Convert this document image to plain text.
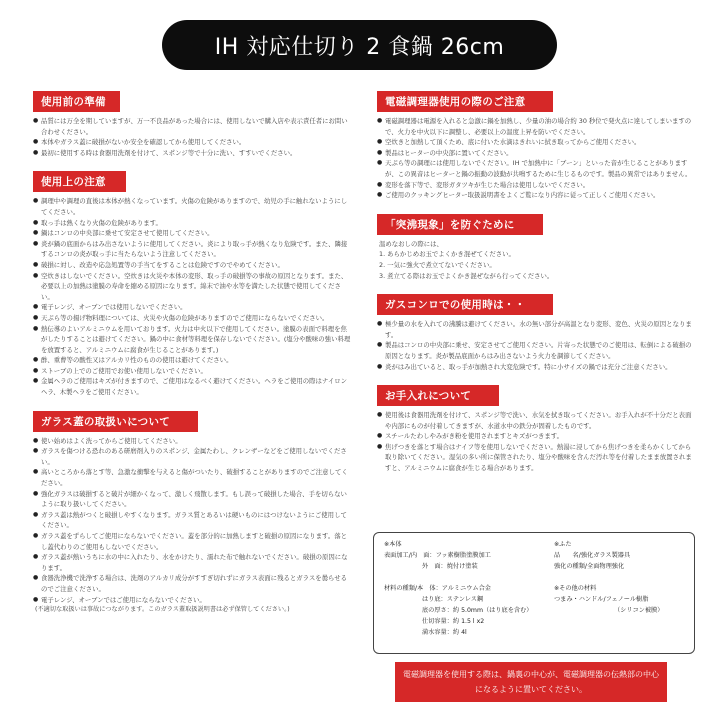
IH 対応仕切り 2 食鍋 26cm
使用前の準備
● 品質には万全を期していますが、万一不良品があった場合には、使用しないで購入店や表示責任者にお問い合わせください。
● 本体やガラス蓋に破損がないか安全を確認してから使用してください。
● 最初に使用する時は食器用洗剤を付けて、スポンジ等で十分に洗い、すすいでください。
使用上の注意
● 調理中や調理の直後は本体が熱くなっています。火傷の危険がありますので、幼児の手に触れないようにしてください。
● 取っ手は熱くなり火傷の危険があります。
● 鍋はコンロの中央部に乗せて安定させて使用してください。
● 炎が鍋の底面からはみ出さないように使用してください。炎により取っ手が熱くなり危険です。また、隣接するコンロの炎が取っ手に当たらないよう注意してください。
● 破損に対し、改造や応急処置等の手当てをすることは危険ですのでやめてください。
● 空炊きはしないでください。空炊きは火災や本体の変形、取っ手の破損等の事故の原因となります。また、必要以上の加熱は塗膜の寿命を縮める原因になります。綿末で油や水等を満たした状態で使用してください。
● 電子レンジ、オーブンでは使用しないでください。
● 天ぷら等の揚げ物料理については、火災や火傷の危険がありますのでご使用にならないでください。
● 熱伝導のよいアルミニウムを用いております。火力は中火以下で使用してください。塗膜の表面で料理を焦がしたりすることは避けてください。鍋の中に食材等料理を保存しないでください。(塩分や酸味の強い料理を放置すると、アルミニウムに腐食が生じることがあります。)
● 酢、重曹等の酸性又はアルカリ性のものの使用は避けてください。
● ストーブの上でのご使用でお使い使用しないでください。
● 金属ヘラのご使用はキズが付きますので、ご使用はなるべく避けてください。ヘラをご使用の際はナイロンヘラ、木製ヘラをご使用ください。
ガラス蓋の取扱いについて
● 使い始めはよく洗ってからご使用してください。
● ガラスを傷つける恐れのある研磨剤入りのスポンジ、金属たわし、クレンザーなどをご使用しないでください。
● 高いところから落とす等、急激な衝撃を与えると傷がついたり、破損することがありますのでご注意してください。
● 強化ガラスは破損すると破片が細かくなって、激しく飛散します。もし誤って破損した場合、手を切らないように取り扱いしてください。
● ガラス蓋は熱がつくと破損しやすくなります。ガラス質とあるいは硬いものにはつけないようにご使用してください。
● ガラス蓋をずらしてご使用にならないでください。蓋を部分的に加熱しますと破損の原因になります。落とし蓋代わりのご使用もしないでください。
● ガラス蓋が熱いうちに水の中に入れたり、水をかけたり、濡れた布で触れないでください。破損の原因になります。
● 食器洗浄機で洗浄する場合は、洗剤のアルカリ成分がすすぎ切れずにガラス表面に残るとガラスを曇らせるのでご注意ください。
● 電子レンジ、オーブンではご使用にならないでください。
(不適切な取扱いは事故につながります。このガラス蓋取扱説明書は必ず保管してください。)
電磁調理器使用の際のご注意
● 電磁調理器は電源を入れると急激に鍋を加熱し、少量の油の場合約 30 秒位で発火点に達してしまいますので、火力を中火以下に調整し、必要以上の温度上昇を防いでください。
● 空炊きと加熱して頂くため、底に付いた水滴はきれいに拭き取ってからご使用ください。
● 製品はヒーターの中央部に置いてください。
● 天ぷら等の調理には使用しないでください。IH で加熱中に「ブーン」といった音が生じることがありますが、この異音はヒーターと鍋の振動の波動が共鳴するために生じるものです。製品の異常ではありません。
● 変形を落下等で、変形ガタツキが生じた場合は使用しないでください。
● ご使用のクッキングヒーター取扱説明書をよくご覧になり内容に従って正しくご使用ください。
「突沸現象」を防ぐために
温めなおしの際には、
1. あらかじめお玉でよくかき混ぜてください。
2. 一気に強火で煮立てないでください。
3. 煮立てる際はお玉でよくかき混ぜながら行ってください。
ガスコンロでの使用時は・・
● 極少量の水を入れての沸騰は避けてください。水の無い部分が高温となり変形、変色、火災の原因となります。
● 製品はコンロの中央部に乗せ、安定させてご使用ください。片寄った状態でのご使用は、転倒による破損の原因となります。炎が製品底面からはみ出さないよう火力を調節してください。
● 炎がはみ出ていると、取っ手が加熱され大変危険です。特に小サイズの鍋では充分ご注意ください。
お手入れについて
● 使用後は食器用洗剤を付けて、スポンジ等で洗い、水気を拭き取ってください。お手入れが不十分だと表面や内部にものが付着してきますが、水道水中の鉄分が固着したものです。
● スチールたわしやみがき粉を使用されますとキズがつきます。
● 焦げつきを落とす場合はナイフ等を使用しないでください。熱湯に浸してから焦げつきを柔らかくしてから取り除いてください。湿気の多い所に保管されたり、塩分や酸味を含んだ汚れ等を付着したまま放置されますと、アルミニウムに腐食が生じる場合があります。
※本体
表面加工/内　面：フッ素樹脂塗膜加工
外　面：焼付け塗装
材料の種類/本　体：アルミニウム合金
はり底：ステンレス鋼
底の厚さ：約 5.0mm（はり底を含む）
仕切容量：約 1.5 l x2
満水容量：約 4l
※ふた
品　　名/強化ガラス製器具
強化の種類/全面物理強化
※その他の材料
つまみ・ハンドル/フェノール樹脂
（シリコン被膜）
電磁調理器を使用する際は、鍋裏の中心が、電磁調理器の伝熱部の中心になるように置いてください。
